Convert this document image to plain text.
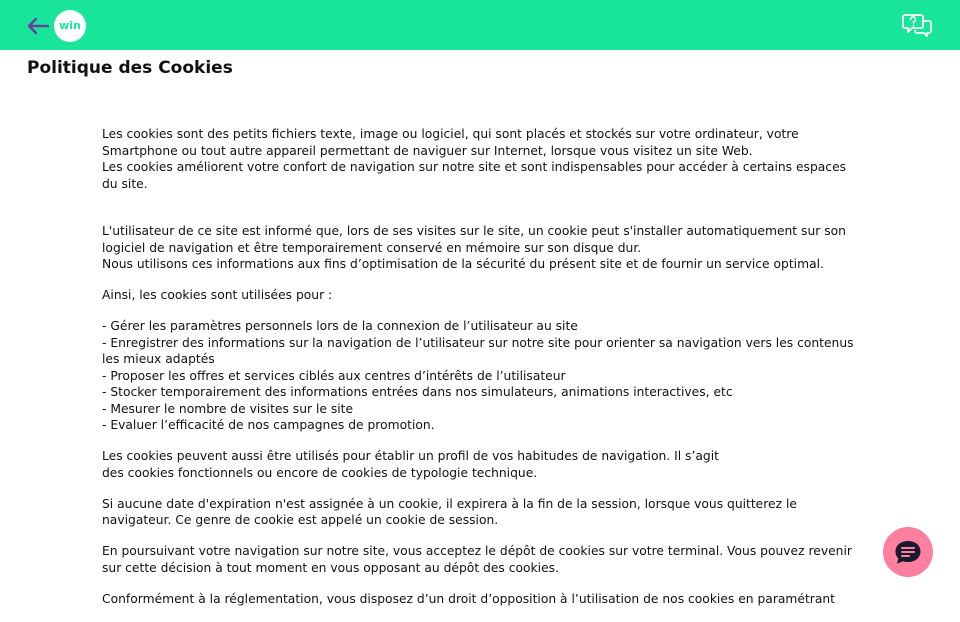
win
·······
Politique des Cookies

Les cookies sont des petits fichiers texte, image ou logiciel, qui sont placés et stockés sur votre ordinateur, votre Smartphone ou tout autre appareil permettant de naviguer sur Internet, lorsque vous visitez un site Web.
Les cookies améliorent votre confort de navigation sur notre site et sont indispensables pour accéder à certains espaces du site.

L'utilisateur de ce site est informé que, lors de ses visites sur le site, un cookie peut s'installer automatiquement sur son logiciel de navigation et être temporairement conservé en mémoire sur son disque dur.
Nous utilisons ces informations aux fins d’optimisation de la sécurité du présent site et de fournir un service optimal.

Ainsi, les cookies sont utilisées pour :

- Gérer les paramètres personnels lors de la connexion de l’utilisateur au site
- Enregistrer des informations sur la navigation de l’utilisateur sur notre site pour orienter sa navigation vers les contenus les mieux adaptés
- Proposer les offres et services ciblés aux centres d’intérêts de l’utilisateur
- Stocker temporairement des informations entrées dans nos simulateurs, animations interactives, etc
- Mesurer le nombre de visites sur le site
- Evaluer l’efficacité de nos campagnes de promotion.

Les cookies peuvent aussi être utilisés pour établir un profil de vos habitudes de navigation. Il s’agit
des cookies fonctionnels ou encore de cookies de typologie technique.

Si aucune date d'expiration n'est assignée à un cookie, il expirera à la fin de la session, lorsque vous quitterez le navigateur. Ce genre de cookie est appelé un cookie de session.

En poursuivant votre navigation sur notre site, vous acceptez le dépôt de cookies sur votre terminal. Vous pouvez revenir sur cette décision à tout moment en vous opposant au dépôt des cookies.

Conformément à la réglementation, vous disposez d’un droit d’opposition à l’utilisation de nos cookies en paramétrant
